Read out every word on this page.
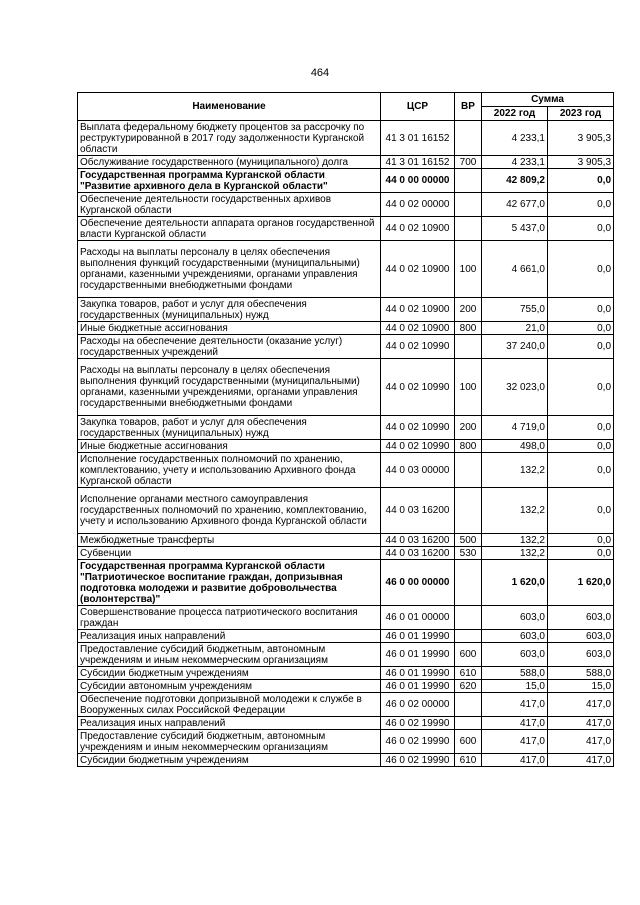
464
Наименование	ЦСР	ВР	Сумма	
			2022 год	2023 год
Выплата федеральному бюджету процентов за рассрочку по реструктурированной в 2017 году задолженности Курганской области	41 3 01 16152		4 233,1	3 905,3
Обслуживание государственного (муниципального) долга	41 3 01 16152	700	4 233,1	3 905,3
Государственная программа Курганской области "Развитие архивного дела в Курганской области"	44 0 00 00000		42 809,2	0,0
Обеспечение деятельности государственных архивов Курганской области	44 0 02 00000		42 677,0	0,0
Обеспечение деятельности аппарата органов государственной власти Курганской области	44 0 02 10900		5 437,0	0,0
Расходы на выплаты персоналу в целях обеспечения выполнения функций государственными (муниципальными) органами, казенными учреждениями, органами управления государственными внебюджетными фондами	44 0 02 10900	100	4 661,0	0,0
Закупка товаров, работ и услуг для обеспечения государственных (муниципальных) нужд	44 0 02 10900	200	755,0	0,0
Иные бюджетные ассигнования	44 0 02 10900	800	21,0	0,0
Расходы на обеспечение деятельности (оказание услуг) государственных учреждений	44 0 02 10990		37 240,0	0,0
Расходы на выплаты персоналу в целях обеспечения выполнения функций государственными (муниципальными) органами, казенными учреждениями, органами управления государственными внебюджетными фондами	44 0 02 10990	100	32 023,0	0,0
Закупка товаров, работ и услуг для обеспечения государственных (муниципальных) нужд	44 0 02 10990	200	4 719,0	0,0
Иные бюджетные ассигнования	44 0 02 10990	800	498,0	0,0
Исполнение государственных полномочий по хранению, комплектованию, учету и использованию Архивного фонда Курганской области	44 0 03 00000		132,2	0,0
Исполнение органами местного самоуправления государственных полномочий по хранению, комплектованию, учету и использованию Архивного фонда Курганской области	44 0 03 16200		132,2	0,0
Межбюджетные трансферты	44 0 03 16200	500	132,2	0,0
Субвенции	44 0 03 16200	530	132,2	0,0
Государственная программа Курганской области "Патриотическое воспитание граждан, допризывная подготовка молодежи и развитие добровольчества (волонтерства)"	46 0 00 00000		1 620,0	1 620,0
Совершенствование процесса патриотического воспитания граждан	46 0 01 00000		603,0	603,0
Реализация иных направлений	46 0 01 19990		603,0	603,0
Предоставление субсидий бюджетным, автономным учреждениям и иным некоммерческим организациям	46 0 01 19990	600	603,0	603,0
Субсидии бюджетным учреждениям	46 0 01 19990	610	588,0	588,0
Субсидии автономным учреждениям	46 0 01 19990	620	15,0	15,0
Обеспечение подготовки допризывной молодежи к службе в Вооруженных силах Российской Федерации	46 0 02 00000		417,0	417,0
Реализация иных направлений	46 0 02 19990		417,0	417,0
Предоставление субсидий бюджетным, автономным учреждениям и иным некоммерческим организациям	46 0 02 19990	600	417,0	417,0
Субсидии бюджетным учреждениям	46 0 02 19990	610	417,0	417,0
